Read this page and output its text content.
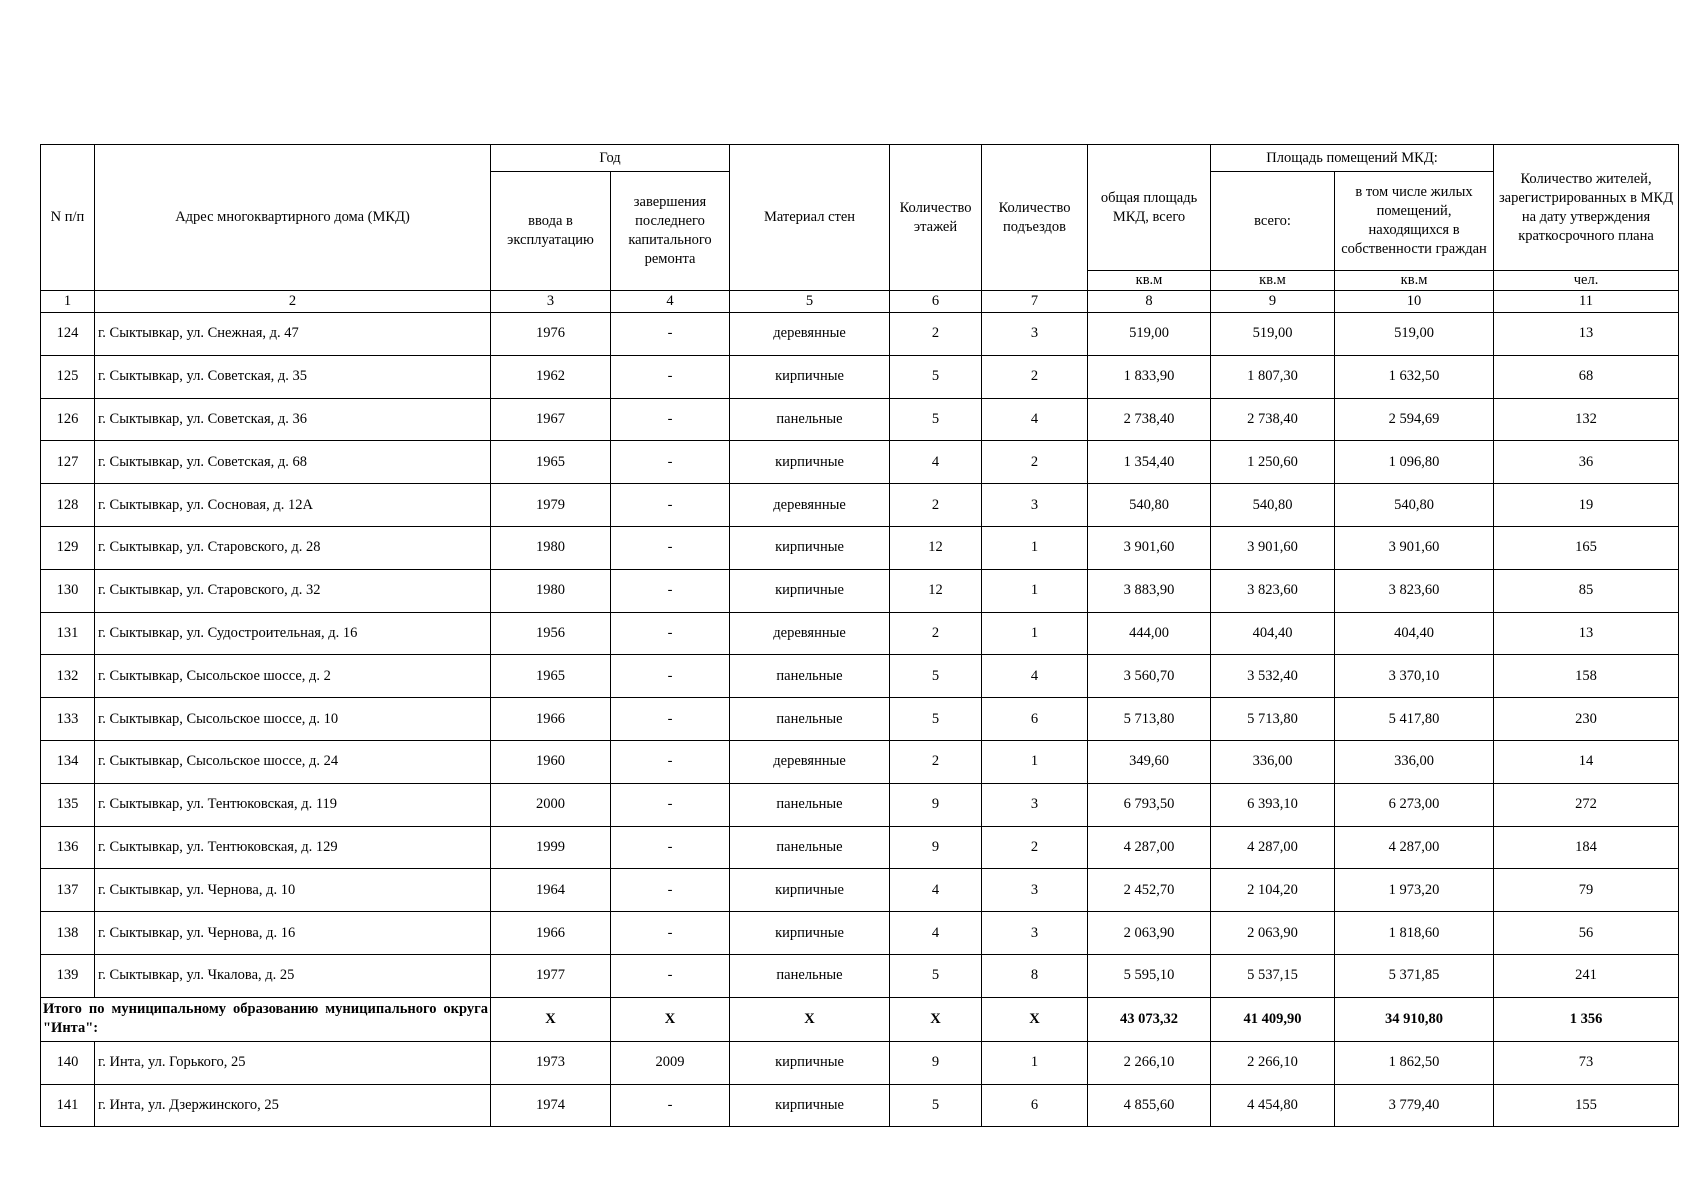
N п/п	Адрес многоквартирного дома (МКД)	Год		Материал стен	Количество этажей	Количество подъездов	общая площадь МКД, всего	Площадь помещений МКД:		Количество жителей, зарегистрированных в МКД на дату утверждения краткосрочного плана
		ввода в эксплуатацию	завершения последнего капитального ремонта					всего:	в том числе жилых помещений, находящихся в собственности граждан	
							кв.м	кв.м	кв.м	чел.
1	2	3	4	5	6	7	8	9	10	11
124	г. Сыктывкар, ул. Снежная, д. 47	1976	-	деревянные	2	3	519,00	519,00	519,00	13
125	г. Сыктывкар, ул. Советская, д. 35	1962	-	кирпичные	5	2	1 833,90	1 807,30	1 632,50	68
126	г. Сыктывкар, ул. Советская, д. 36	1967	-	панельные	5	4	2 738,40	2 738,40	2 594,69	132
127	г. Сыктывкар, ул. Советская, д. 68	1965	-	кирпичные	4	2	1 354,40	1 250,60	1 096,80	36
128	г. Сыктывкар, ул. Сосновая, д. 12А	1979	-	деревянные	2	3	540,80	540,80	540,80	19
129	г. Сыктывкар, ул. Старовского, д. 28	1980	-	кирпичные	12	1	3 901,60	3 901,60	3 901,60	165
130	г. Сыктывкар, ул. Старовского, д. 32	1980	-	кирпичные	12	1	3 883,90	3 823,60	3 823,60	85
131	г. Сыктывкар, ул. Судостроительная, д. 16	1956	-	деревянные	2	1	444,00	404,40	404,40	13
132	г. Сыктывкар, Сысольское шоссе, д. 2	1965	-	панельные	5	4	3 560,70	3 532,40	3 370,10	158
133	г. Сыктывкар, Сысольское шоссе, д. 10	1966	-	панельные	5	6	5 713,80	5 713,80	5 417,80	230
134	г. Сыктывкар, Сысольское шоссе, д. 24	1960	-	деревянные	2	1	349,60	336,00	336,00	14
135	г. Сыктывкар, ул. Тентюковская, д. 119	2000	-	панельные	9	3	6 793,50	6 393,10	6 273,00	272
136	г. Сыктывкар, ул. Тентюковская, д. 129	1999	-	панельные	9	2	4 287,00	4 287,00	4 287,00	184
137	г. Сыктывкар, ул. Чернова, д. 10	1964	-	кирпичные	4	3	2 452,70	2 104,20	1 973,20	79
138	г. Сыктывкар, ул. Чернова, д. 16	1966	-	кирпичные	4	3	2 063,90	2 063,90	1 818,60	56
139	г. Сыктывкар, ул. Чкалова, д. 25	1977	-	панельные	5	8	5 595,10	5 537,15	5 371,85	241
Итого по муниципальному образованию муниципального округа "Инта":		X	X	X	X	X	43 073,32	41 409,90	34 910,80	1 356
140	г. Инта, ул. Горького, 25	1973	2009	кирпичные	9	1	2 266,10	2 266,10	1 862,50	73
141	г. Инта, ул. Дзержинского, 25	1974	-	кирпичные	5	6	4 855,60	4 454,80	3 779,40	155
